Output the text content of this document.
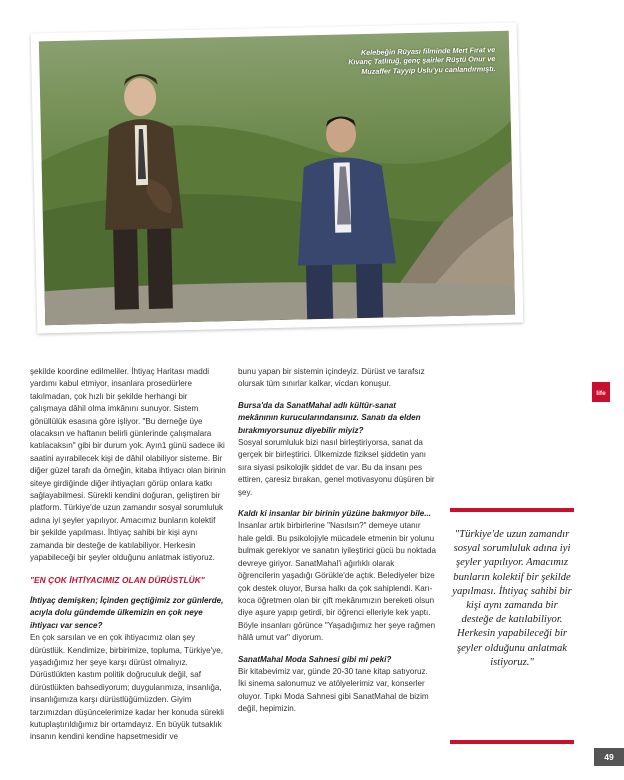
Kelebeğin Rüyası filminde Mert Fırat ve Kıvanç Tatlıtuğ, genç şairler Rüştü Onur ve Muzaffer Tayyip Uslu'yu canlandırmıştı.

şekilde koordine edilmeliler. İhtiyaç Haritası maddi yardımı kabul etmiyor, insanlara prosedürlere takılmadan, çok hızlı bir şekilde herhangi bir çalışmaya dâhil olma imkânını sunuyor. Sistem gönüllülük esasına göre işliyor. "Bu derneğe üye olacaksın ve haftanın belirli günlerinde çalışmalara katılacaksın" gibi bir durum yok. Ayın1 günü sadece iki saatini ayırabilecek kişi de dâhil olabiliyor sisteme. Bir diğer güzel tarafı da örneğin, kitaba ihtiyacı olan birinin siteye girdiğinde diğer ihtiyaçları görüp onlara katkı sağlayabilmesi. Sürekli kendini doğuran, geliştiren bir platform. Türkiye'de uzun zamandır sosyal sorumluluk adına iyi şeyler yapılıyor. Amacımız bunların kolektif bir şekilde yapılması. İhtiyaç sahibi bir kişi aynı zamanda bir desteğe de katılabiliyor. Herkesin yapabileceği bir şeyler olduğunu anlatmak istiyoruz.

"EN ÇOK İHTİYACIMIZ OLAN DÜRÜSTLÜK"

İhtiyaç demişken; İçinden geçtiğimiz zor günlerde, acıyla dolu gündemde ülkemizin en çok neye ihtiyacı var sence?

En çok sarsılan ve en çok ihtiyacımız olan şey dürüstlük. Kendimize, birbirimize, topluma, Türkiye'ye, yaşadığımız her şeye karşı dürüst olmalıyız. Dürüstlükten kastım politik doğruculuk değil, saf dürüstlükten bahsediyorum; duygularımıza, insanlığa, insanlığımıza karşı dürüstlüğümüzden. Giyim tarzımızdan düşüncelerimize kadar her konuda sürekli kutuplaştırıldığımız bir ortamdayız. En büyük tutsaklık insanın kendini kendine hapsetmesidir ve

bunu yapan bir sistemin içindeyiz. Dürüst ve tarafsız olursak tüm sınırlar kalkar, vicdan konuşur.

Bursa'da da SanatMahal adlı kültür-sanat mekânının kurucularındansınız. Sanatı da elden bırakmıyorsunuz diyebilir miyiz?

Sosyal sorumluluk bizi nasıl birleştiriyorsa, sanat da gerçek bir birleştirici. Ülkemizde fiziksel şiddetin yanı sıra siyasi psikolojik şiddet de var. Bu da insanı pes ettiren, çaresiz bırakan, genel motivasyonu düşüren bir şey.

Kaldı ki insanlar bir birinin yüzüne bakmıyor bile...

İnsanlar artık birbirlerine "Nasılsın?" demeye utanır hale geldi. Bu psikolojiyle mücadele etmenin bir yolunu bulmak gerekiyor ve sanatın iyileştirici gücü bu noktada devreye giriyor. SanatMahal'i ağırlıklı olarak öğrencilerin yaşadığı Görükle'de açtık. Belediyeler bize çok destek oluyor, Bursa halkı da çok sahiplendi. Karı-koca öğretmen olan bir çift mekânımızın bereketi olsun diye aşure yapıp getirdi, bir öğrenci elleriyle kek yaptı. Böyle insanları görünce "Yaşadığımız her şeye rağmen hâlâ umut var" diyorum.

SanatMahal Moda Sahnesi gibi mi peki?

Bir kitabevimiz var, günde 20-30 tane kitap satıyoruz. İki sinema salonumuz ve atölyelerimiz var, konserler oluyor. Tıpkı Moda Sahnesi gibi SanatMahal de bizim değil, hepimizin.

"Türkiye'de uzun zamandır sosyal sorumluluk adına iyi şeyler yapılıyor. Amacımız bunların kolektif bir şekilde yapılması. İhtiyaç sahibi bir kişi aynı zamanda bir desteğe de katılabiliyor. Herkesin yapabileceği bir şeyler olduğunu anlatmak istiyoruz."
life
49
